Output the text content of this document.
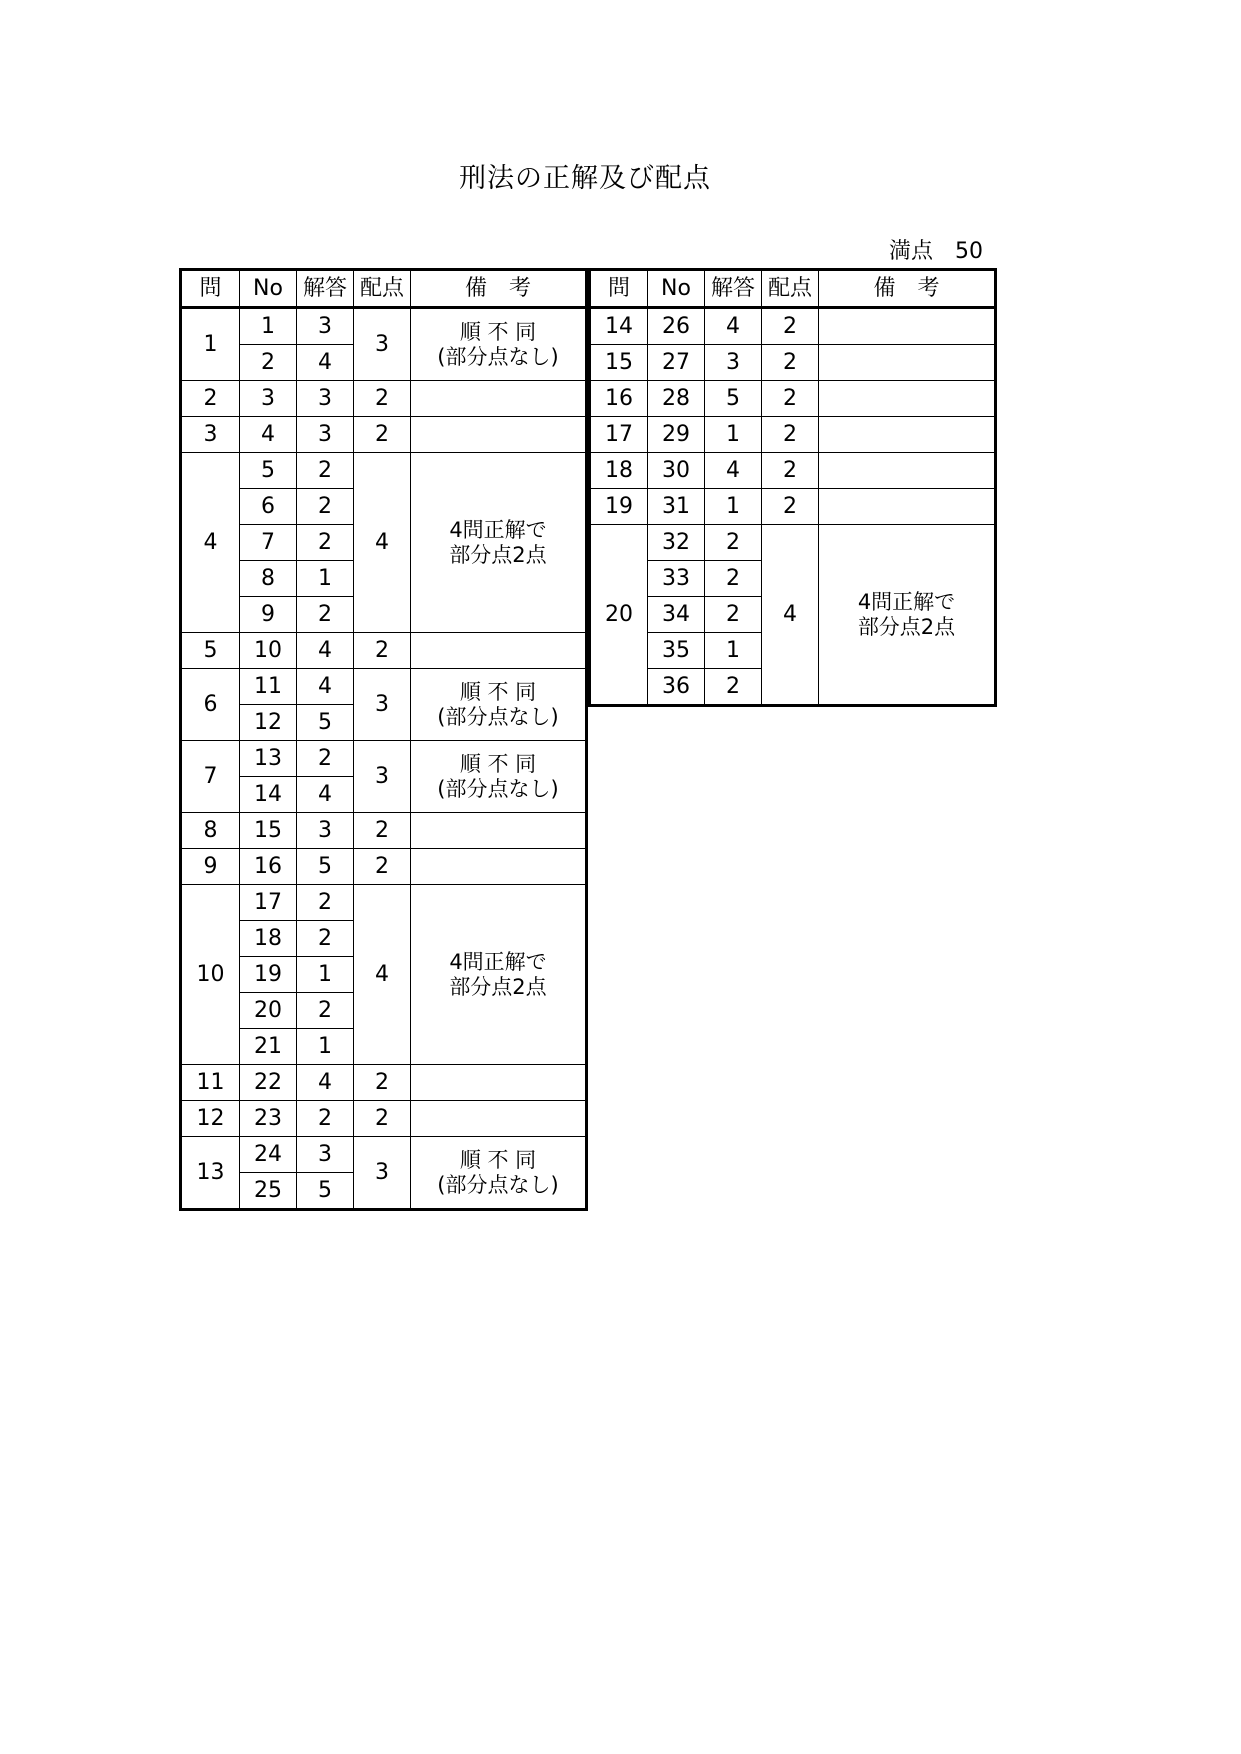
刑法の正解及び配点
満点　50
問	No	解答	配点	備　考
1	1	3	3	順 不 同
(部分点なし)
	2	4		
2	3	3	2	
3	4	3	2	
4	5	2	4	4問正解で
部分点2点
	6	2		
	7	2		
	8	1		
	9	2		
5	10	4	2	
6	11	4	3	順 不 同
(部分点なし)
	12	5		
7	13	2	3	順 不 同
(部分点なし)
	14	4		
8	15	3	2	
9	16	5	2	
10	17	2	4	4問正解で
部分点2点
	18	2		
	19	1		
	20	2		
	21	1		
11	22	4	2	
12	23	2	2	
13	24	3	3	順 不 同
(部分点なし)
	25	5		
問	No	解答	配点	備　考
14	26	4	2	
15	27	3	2	
16	28	5	2	
17	29	1	2	
18	30	4	2	
19	31	1	2	
20	32	2	4	4問正解で
部分点2点
	33	2		
	34	2		
	35	1		
	36	2		
